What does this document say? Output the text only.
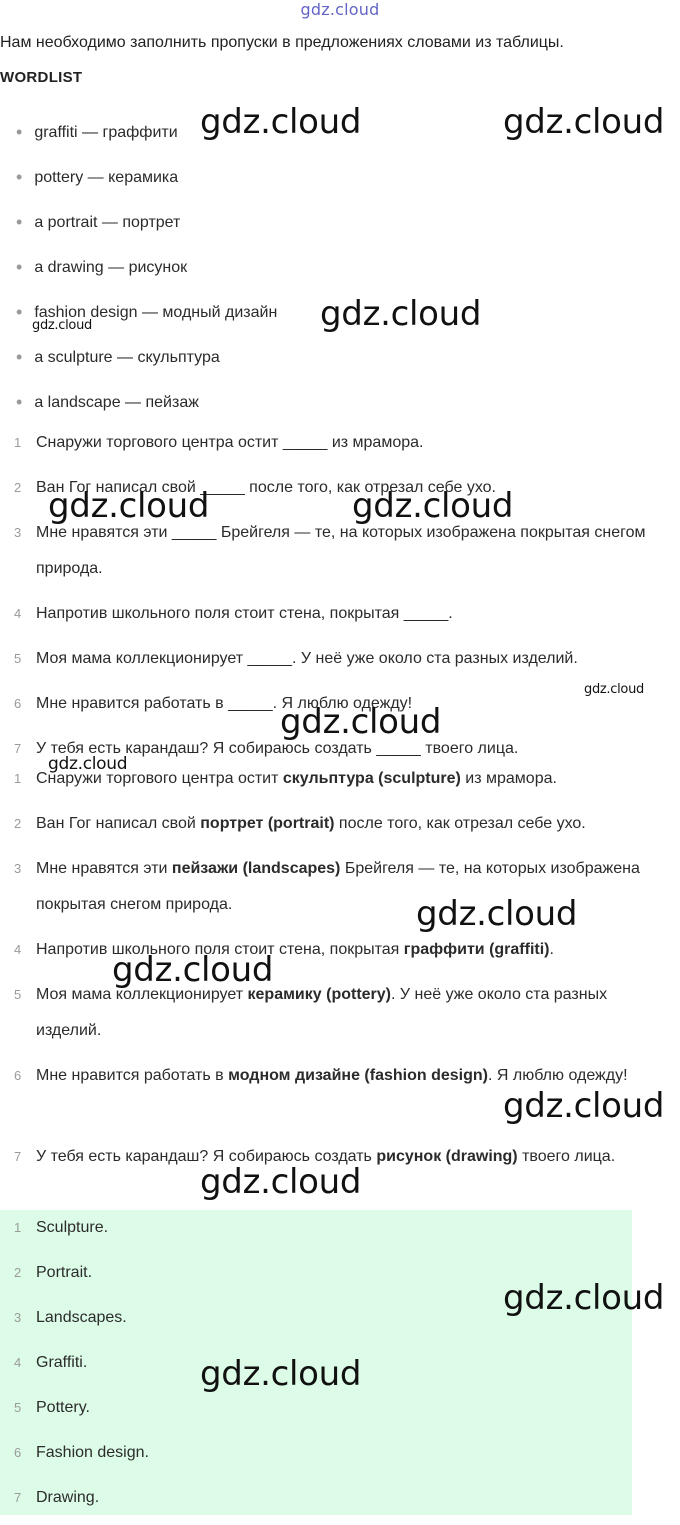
gdz.cloud
Нам необходимо заполнить пропуски в предложениях словами из таблицы.
WORDLIST
• graffiti — граффити
• pottery — керамика
• a portrait — портрет
• a drawing — рисунок
• fashion design — модный дизайн
• a sculpture — скульптура
• a landscape — пейзаж
1 Снаружи торгового центра остит _____ из мрамора.
2 Ван Гог написал свой _____ после того, как отрезал себе ухо.
3 Мне нравятся эти _____ Брейгеля — те, на которых изображена покрытая снегом природа.
4 Напротив школьного поля стоит стена, покрытая _____.
5 Моя мама коллекционирует _____. У неё уже около ста разных изделий.
6 Мне нравится работать в _____. Я люблю одежду!
7 У тебя есть карандаш? Я собираюсь создать _____ твоего лица.
1 Снаружи торгового центра остит скульптура (sculpture) из мрамора.
2 Ван Гог написал свой портрет (portrait) после того, как отрезал себе ухо.
3 Мне нравятся эти пейзажи (landscapes) Брейгеля — те, на которых изображена покрытая снегом природа.
4 Напротив школьного поля стоит стена, покрытая граффити (graffiti).
5 Моя мама коллекционирует керамику (pottery). У неё уже около ста разных изделий.
6 Мне нравится работать в модном дизайне (fashion design). Я люблю одежду!
7 У тебя есть карандаш? Я собираюсь создать рисунок (drawing) твоего лица.
1 Sculpture.
2 Portrait.
3 Landscapes.
4 Graffiti.
5 Pottery.
6 Fashion design.
7 Drawing.
gdz.cloud	gdz.cloud
gdz.cloud
gdz.cloud
gdz.cloud	gdz.cloud
gdz.cloud
gdz.cloud
gdz.cloud
gdz.cloud
gdz.cloud
gdz.cloud
gdz.cloud
gdz.cloud
gdz.cloud
